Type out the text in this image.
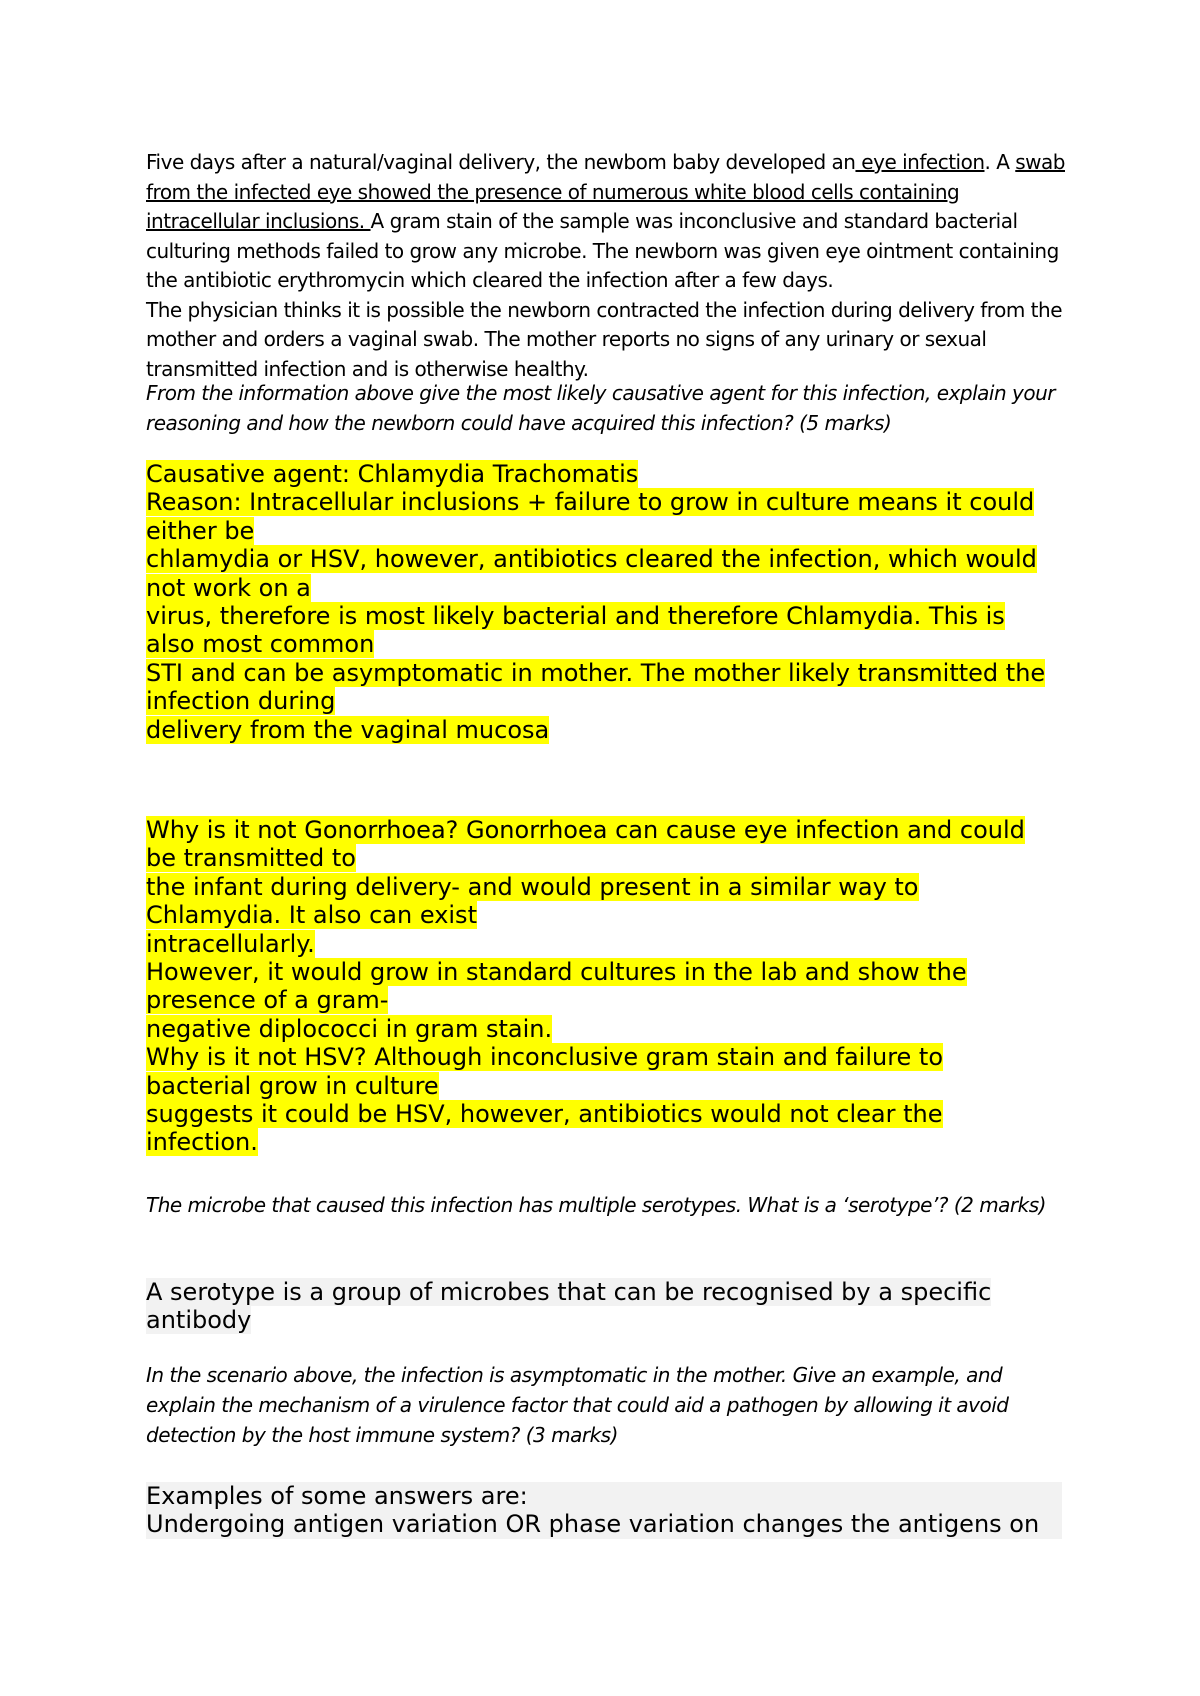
Five days after a natural/vaginal delivery, the newbom baby developed an eye infection. A swab from the infected eye showed the presence of numerous white blood cells containing intracellular inclusions. A gram stain of the sample was inconclusive and standard bacterial culturing methods failed to grow any microbe. The newborn was given eye ointment containing the antibiotic erythromycin which cleared the infection after a few days.
The physician thinks it is possible the newborn contracted the infection during delivery from the mother and orders a vaginal swab. The mother reports no signs of any urinary or sexual transmitted infection and is otherwise healthy.

From the information above give the most likely causative agent for this infection, explain your reasoning and how the newborn could have acquired this infection? (5 marks)

Causative agent: Chlamydia Trachomatis
Reason: Intracellular inclusions + failure to grow in culture means it could
either be
chlamydia or HSV, however, antibiotics cleared the infection, which would
not work on a
virus, therefore is most likely bacterial and therefore Chlamydia. This is
also most common
STI and can be asymptomatic in mother. The mother likely transmitted the
infection during
delivery from the vaginal mucosa
Why is it not Gonorrhoea? Gonorrhoea can cause eye infection and could
be transmitted to
the infant during delivery- and would present in a similar way to
Chlamydia. It also can exist
intracellularly.
However, it would grow in standard cultures in the lab and show the
presence of a gram-
negative diplococci in gram stain.
Why is it not HSV? Although inconclusive gram stain and failure to
bacterial grow in culture
suggests it could be HSV, however, antibiotics would not clear the
infection.

The microbe that caused this infection has multiple serotypes. What is a ‘serotype’? (2 marks)

A serotype is a group of microbes that can be recognised by a specific
antibody

In the scenario above, the infection is asymptomatic in the mother. Give an example, and explain the mechanism of a virulence factor that could aid a pathogen by allowing it avoid detection by the host immune system? (3 marks)

Examples of some answers are:
Undergoing antigen variation OR phase variation changes the antigens on
